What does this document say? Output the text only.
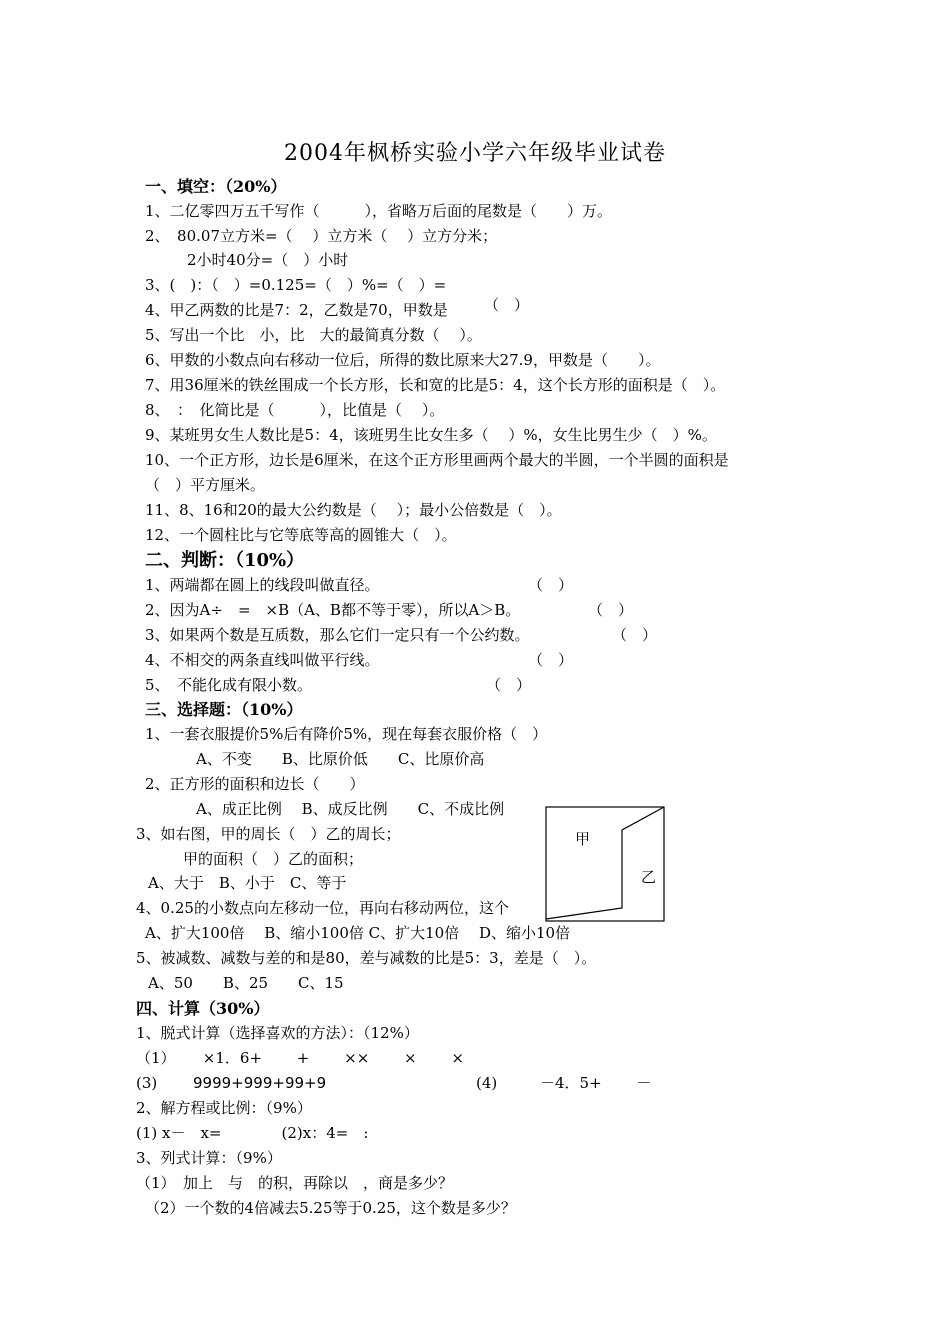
2004年枫桥实验小学六年级毕业试卷
一、填空：（20%）
1、二亿零四万五千写作（　　　），省略万后面的尾数是（　　）万。
2、　80.07立方米=（　 ）立方米（　 ）立方分米；
2小时40分=（　）小时
3、(　)：（　）=0.125=（　）%=（　）=
4、甲乙两数的比是7：2，乙数是70，甲数是 （　）
5、写出一个比　小，比　大的最简真分数（　 ）。
6、甲数的小数点向右移动一位后，所得的数比原来大27.9，甲数是（　　）。
7、用36厘米的铁丝围成一个长方形，长和宽的比是5：4，这个长方形的面积是（　）。
8、　：　化简比是（　　　），比值是（　 ）。
9、某班男女生人数比是5：4，该班男生比女生多（　 ）%，女生比男生少（　）%。
10、一个正方形，边长是6厘米，在这个正方形里画两个最大的半圆，一个半圆的面积是
（　）平方厘米。
11、8、16和20的最大公约数是（　 ）；最小公倍数是（　）。
12、一个圆柱比与它等底等高的圆锥大（　）。
二、判断：（10%）
1、两端都在圆上的线段叫做直径。	（　）
2、因为A÷　=　×B（A、B都不等于零），所以A＞B。	（　）
3、如果两个数是互质数，那么它们一定只有一个公约数。	（　）
4、不相交的两条直线叫做平行线。	（　）
5、　不能化成有限小数。	（　）
三、选择题：（10%）
1、一套衣服提价5%后有降价5%，现在每套衣服价格（　）
A、不变　　B、比原价低　　C、比原价高
2、正方形的面积和边长（　　）
A、成正比例　 B、成反比例　　C、不成比例
3、如右图，甲的周长（　）乙的周长；
甲的面积（　）乙的面积；
A、大于　B、小于　C、等于
4、0.25的小数点向左移动一位，再向右移动两位，这个
A、扩大100倍　 B、缩小100倍 C、扩大10倍　 D、缩小10倍
5、被减数、减数与差的和是80，差与减数的比是5：3，差是（　）。
A、50　　B、25　　C、15
甲
乙
四、计算（30%）
1、脱式计算（选择喜欢的方法）：（12%）
（1）　　 ×1．6+　　 +　　 ××　　 ×　　 ×
(3) 9999+999+99+9	(4)	－4．5+　　 －
2、解方程或比例：（9%）
(1) x－　x=　　　　(2)x：4=　:
3、列式计算：（9%）
（1）　加上　与　的积，再除以　，商是多少？
（2）一个数的4倍减去5.25等于0.25，这个数是多少？
